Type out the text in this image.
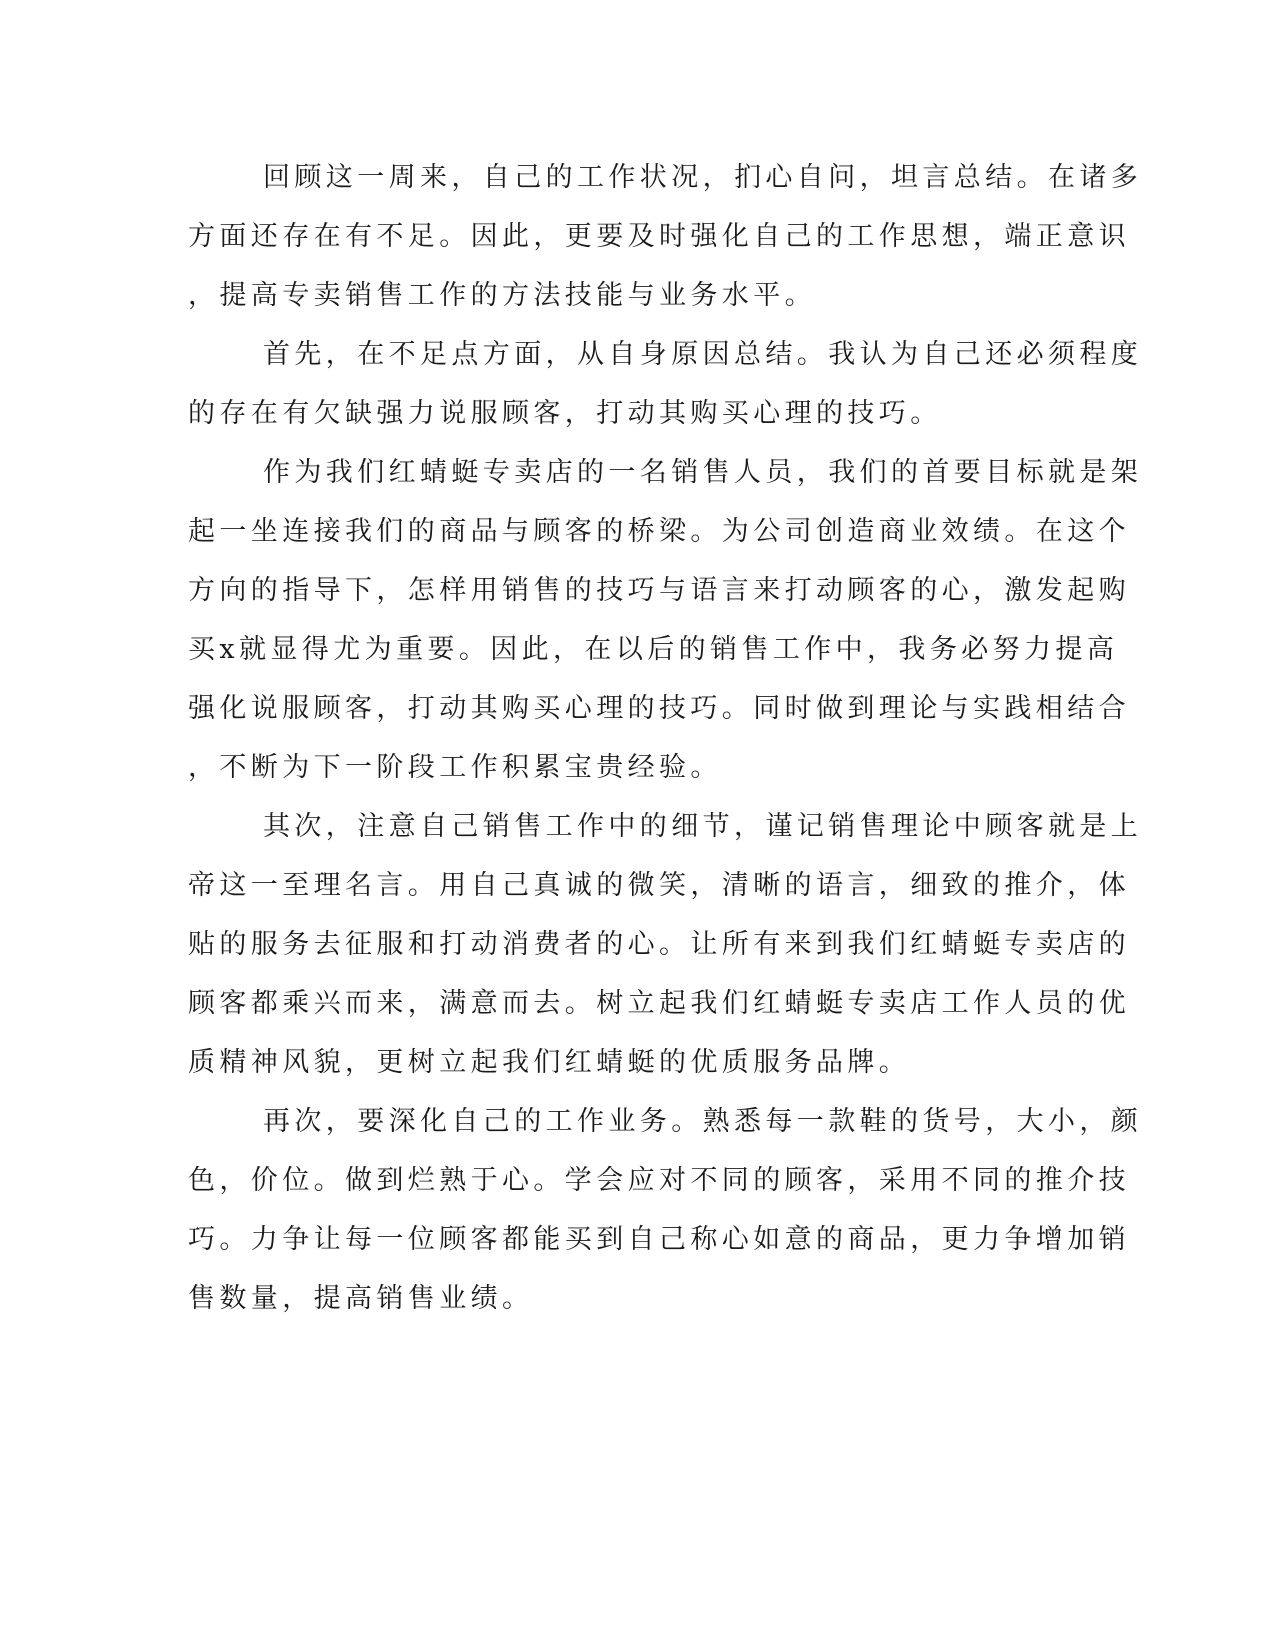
回顾这一周来，自己的工作状况，扪心自问，坦言总结。在诸多
方面还存在有不足。因此，更要及时强化自己的工作思想，端正意识
，提高专卖销售工作的方法技能与业务水平。
首先，在不足点方面，从自身原因总结。我认为自己还必须程度
的存在有欠缺强力说服顾客，打动其购买心理的技巧。
作为我们红蜻蜓专卖店的一名销售人员，我们的首要目标就是架
起一坐连接我们的商品与顾客的桥梁。为公司创造商业效绩。在这个
方向的指导下，怎样用销售的技巧与语言来打动顾客的心，激发起购
买x就显得尤为重要。因此，在以后的销售工作中，我务必努力提高
强化说服顾客，打动其购买心理的技巧。同时做到理论与实践相结合
，不断为下一阶段工作积累宝贵经验。
其次，注意自己销售工作中的细节，谨记销售理论中顾客就是上
帝这一至理名言。用自己真诚的微笑，清晰的语言，细致的推介，体
贴的服务去征服和打动消费者的心。让所有来到我们红蜻蜓专卖店的
顾客都乘兴而来，满意而去。树立起我们红蜻蜓专卖店工作人员的优
质精神风貌，更树立起我们红蜻蜓的优质服务品牌。
再次，要深化自己的工作业务。熟悉每一款鞋的货号，大小，颜
色，价位。做到烂熟于心。学会应对不同的顾客，采用不同的推介技
巧。力争让每一位顾客都能买到自己称心如意的商品，更力争增加销
售数量，提高销售业绩。
